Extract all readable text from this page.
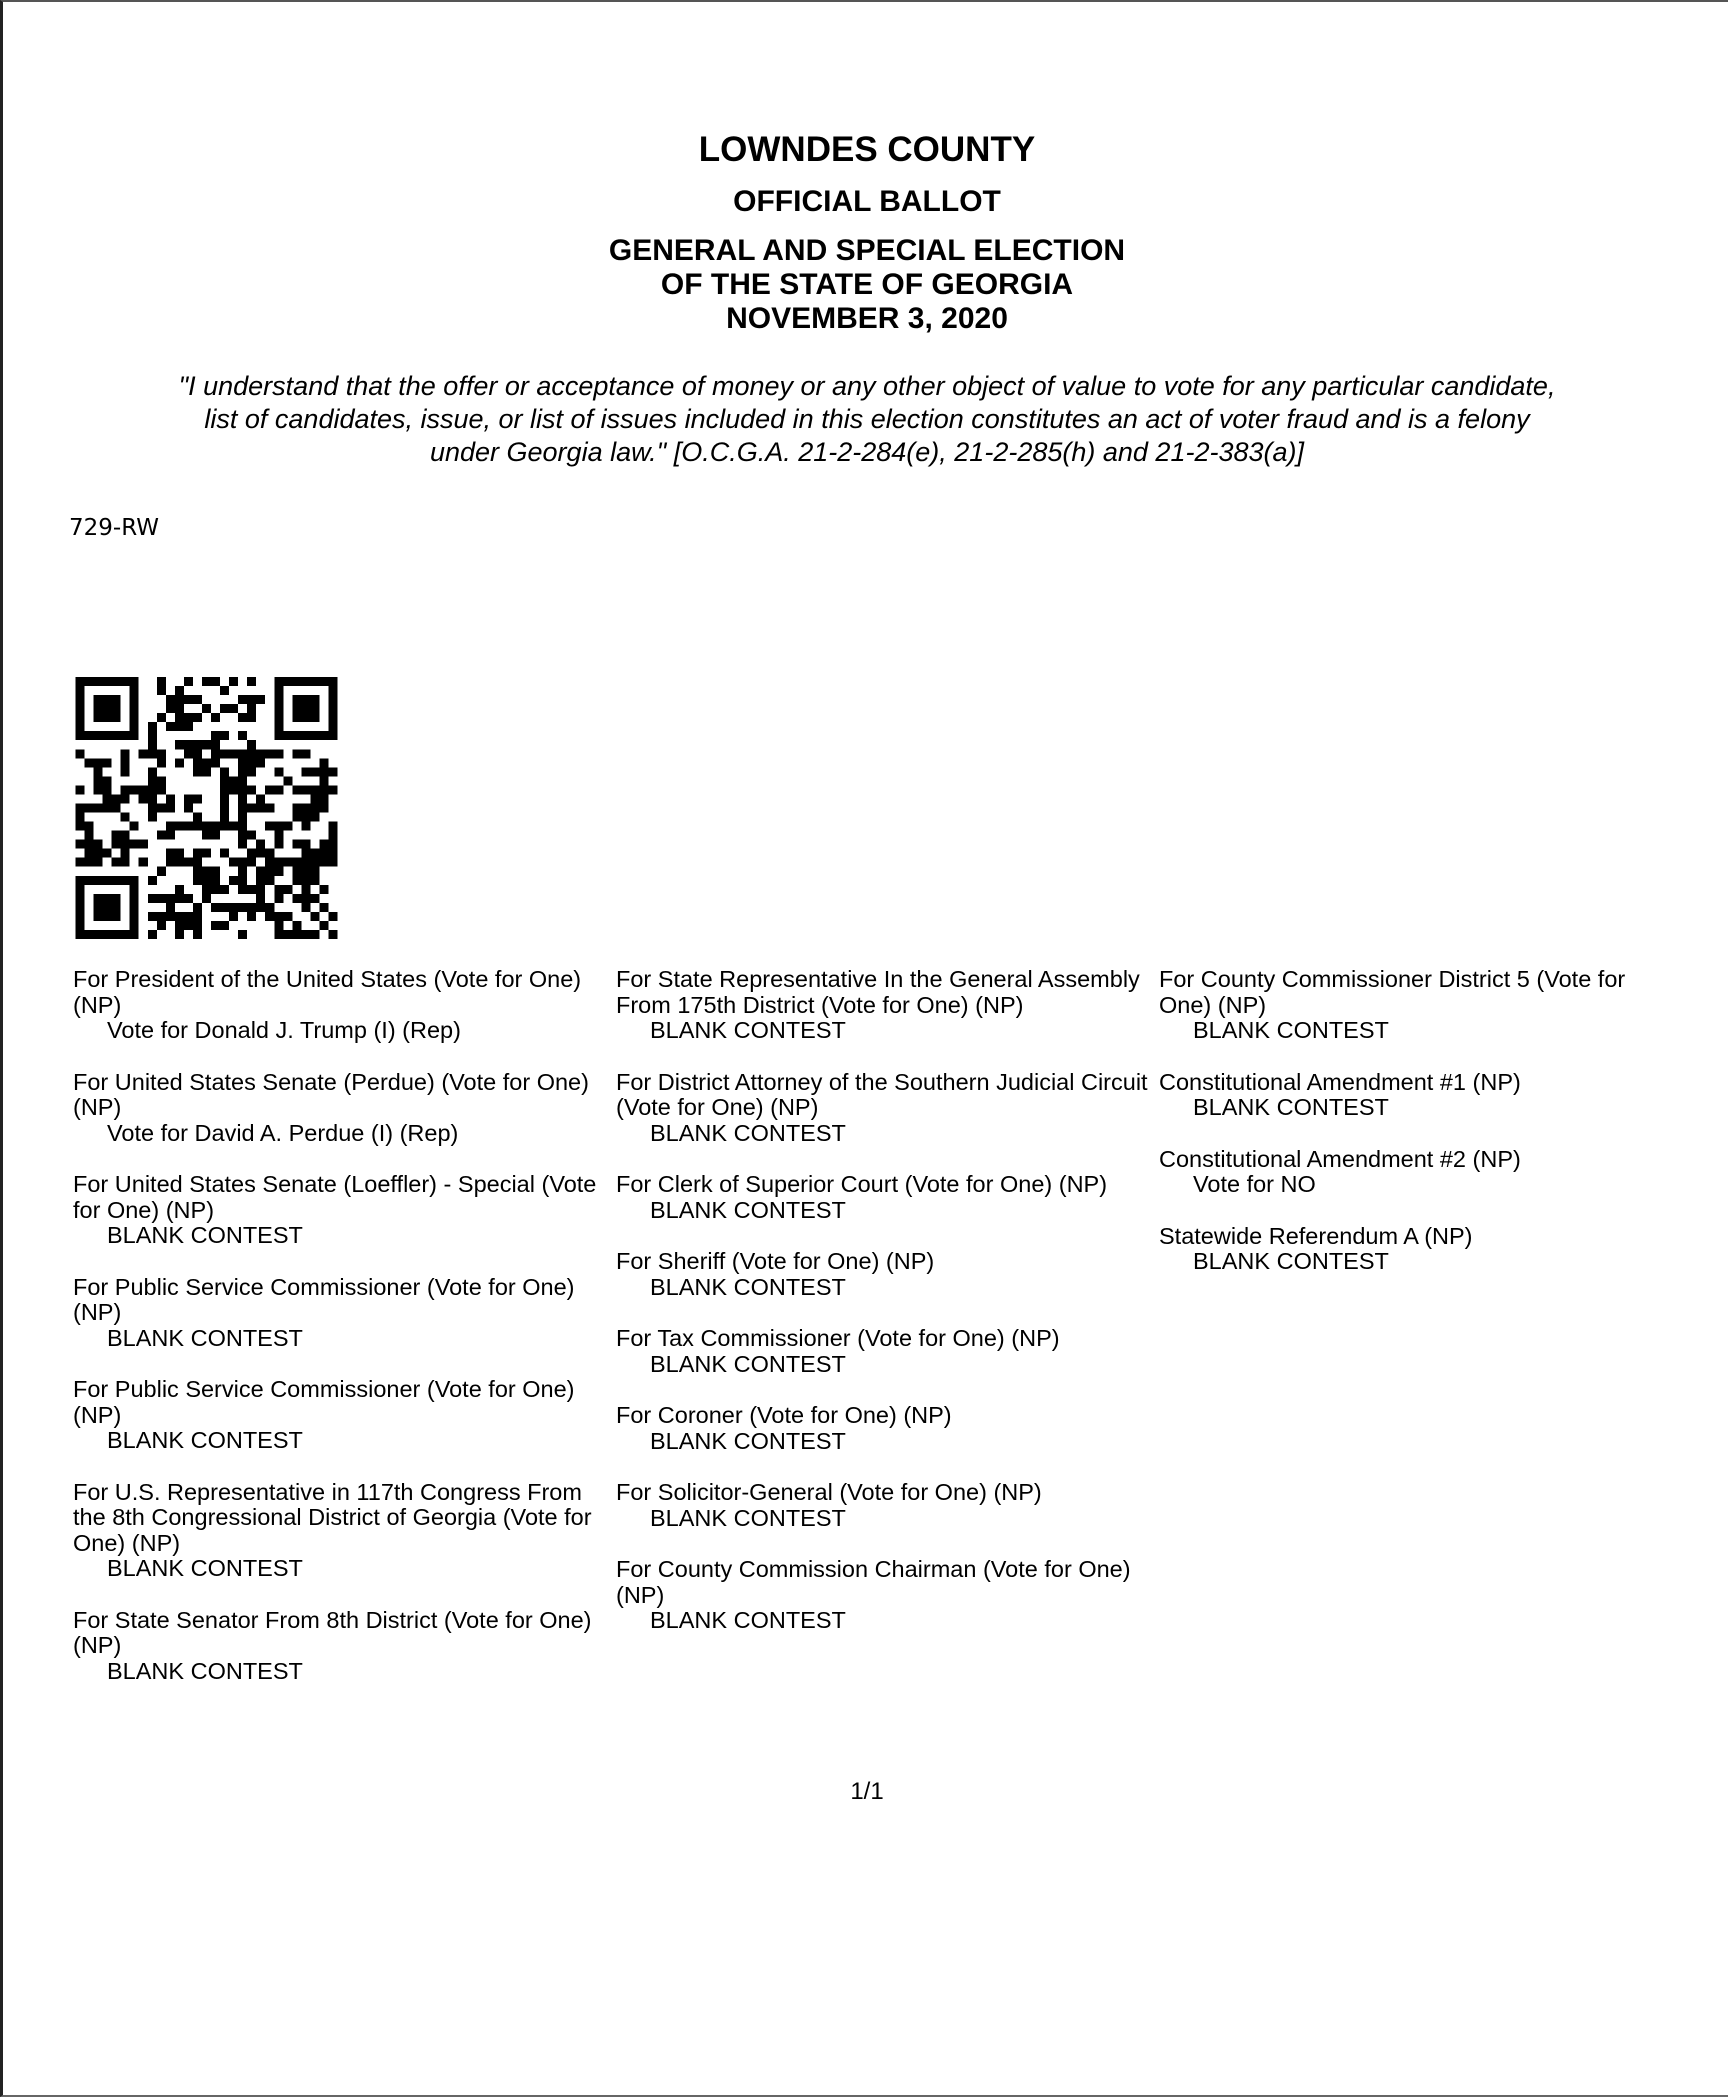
LOWNDES COUNTY
OFFICIAL BALLOT
GENERAL AND SPECIAL ELECTION
OF THE STATE OF GEORGIA
NOVEMBER 3, 2020
"I understand that the offer or acceptance of money or any other object of value to vote for any particular candidate,
list of candidates, issue, or list of issues included in this election constitutes an act of voter fraud and is a felony
under Georgia law." [O.C.G.A. 21-2-284(e), 21-2-285(h) and 21-2-383(a)]
729-RW
For President of the United States (Vote for One) (NP)
Vote for Donald J. Trump (I) (Rep)
For United States Senate (Perdue) (Vote for One) (NP)
Vote for David A. Perdue (I) (Rep)
For United States Senate (Loeffler) - Special (Vote for One) (NP)
BLANK CONTEST
For Public Service Commissioner (Vote for One) (NP)
BLANK CONTEST
For Public Service Commissioner (Vote for One) (NP)
BLANK CONTEST
For U.S. Representative in 117th Congress From the 8th Congressional District of Georgia (Vote for One) (NP)
BLANK CONTEST
For State Senator From 8th District (Vote for One) (NP)
BLANK CONTEST
For State Representative In the General Assembly From 175th District (Vote for One) (NP)
BLANK CONTEST
For District Attorney of the Southern Judicial Circuit (Vote for One) (NP)
BLANK CONTEST
For Clerk of Superior Court (Vote for One) (NP)
BLANK CONTEST
For Sheriff (Vote for One) (NP)
BLANK CONTEST
For Tax Commissioner (Vote for One) (NP)
BLANK CONTEST
For Coroner (Vote for One) (NP)
BLANK CONTEST
For Solicitor-General (Vote for One) (NP)
BLANK CONTEST
For County Commission Chairman (Vote for One) (NP)
BLANK CONTEST
For County Commissioner District 5 (Vote for One) (NP)
BLANK CONTEST
Constitutional Amendment #1 (NP)
BLANK CONTEST
Constitutional Amendment #2 (NP)
Vote for NO
Statewide Referendum A (NP)
BLANK CONTEST
1/1
